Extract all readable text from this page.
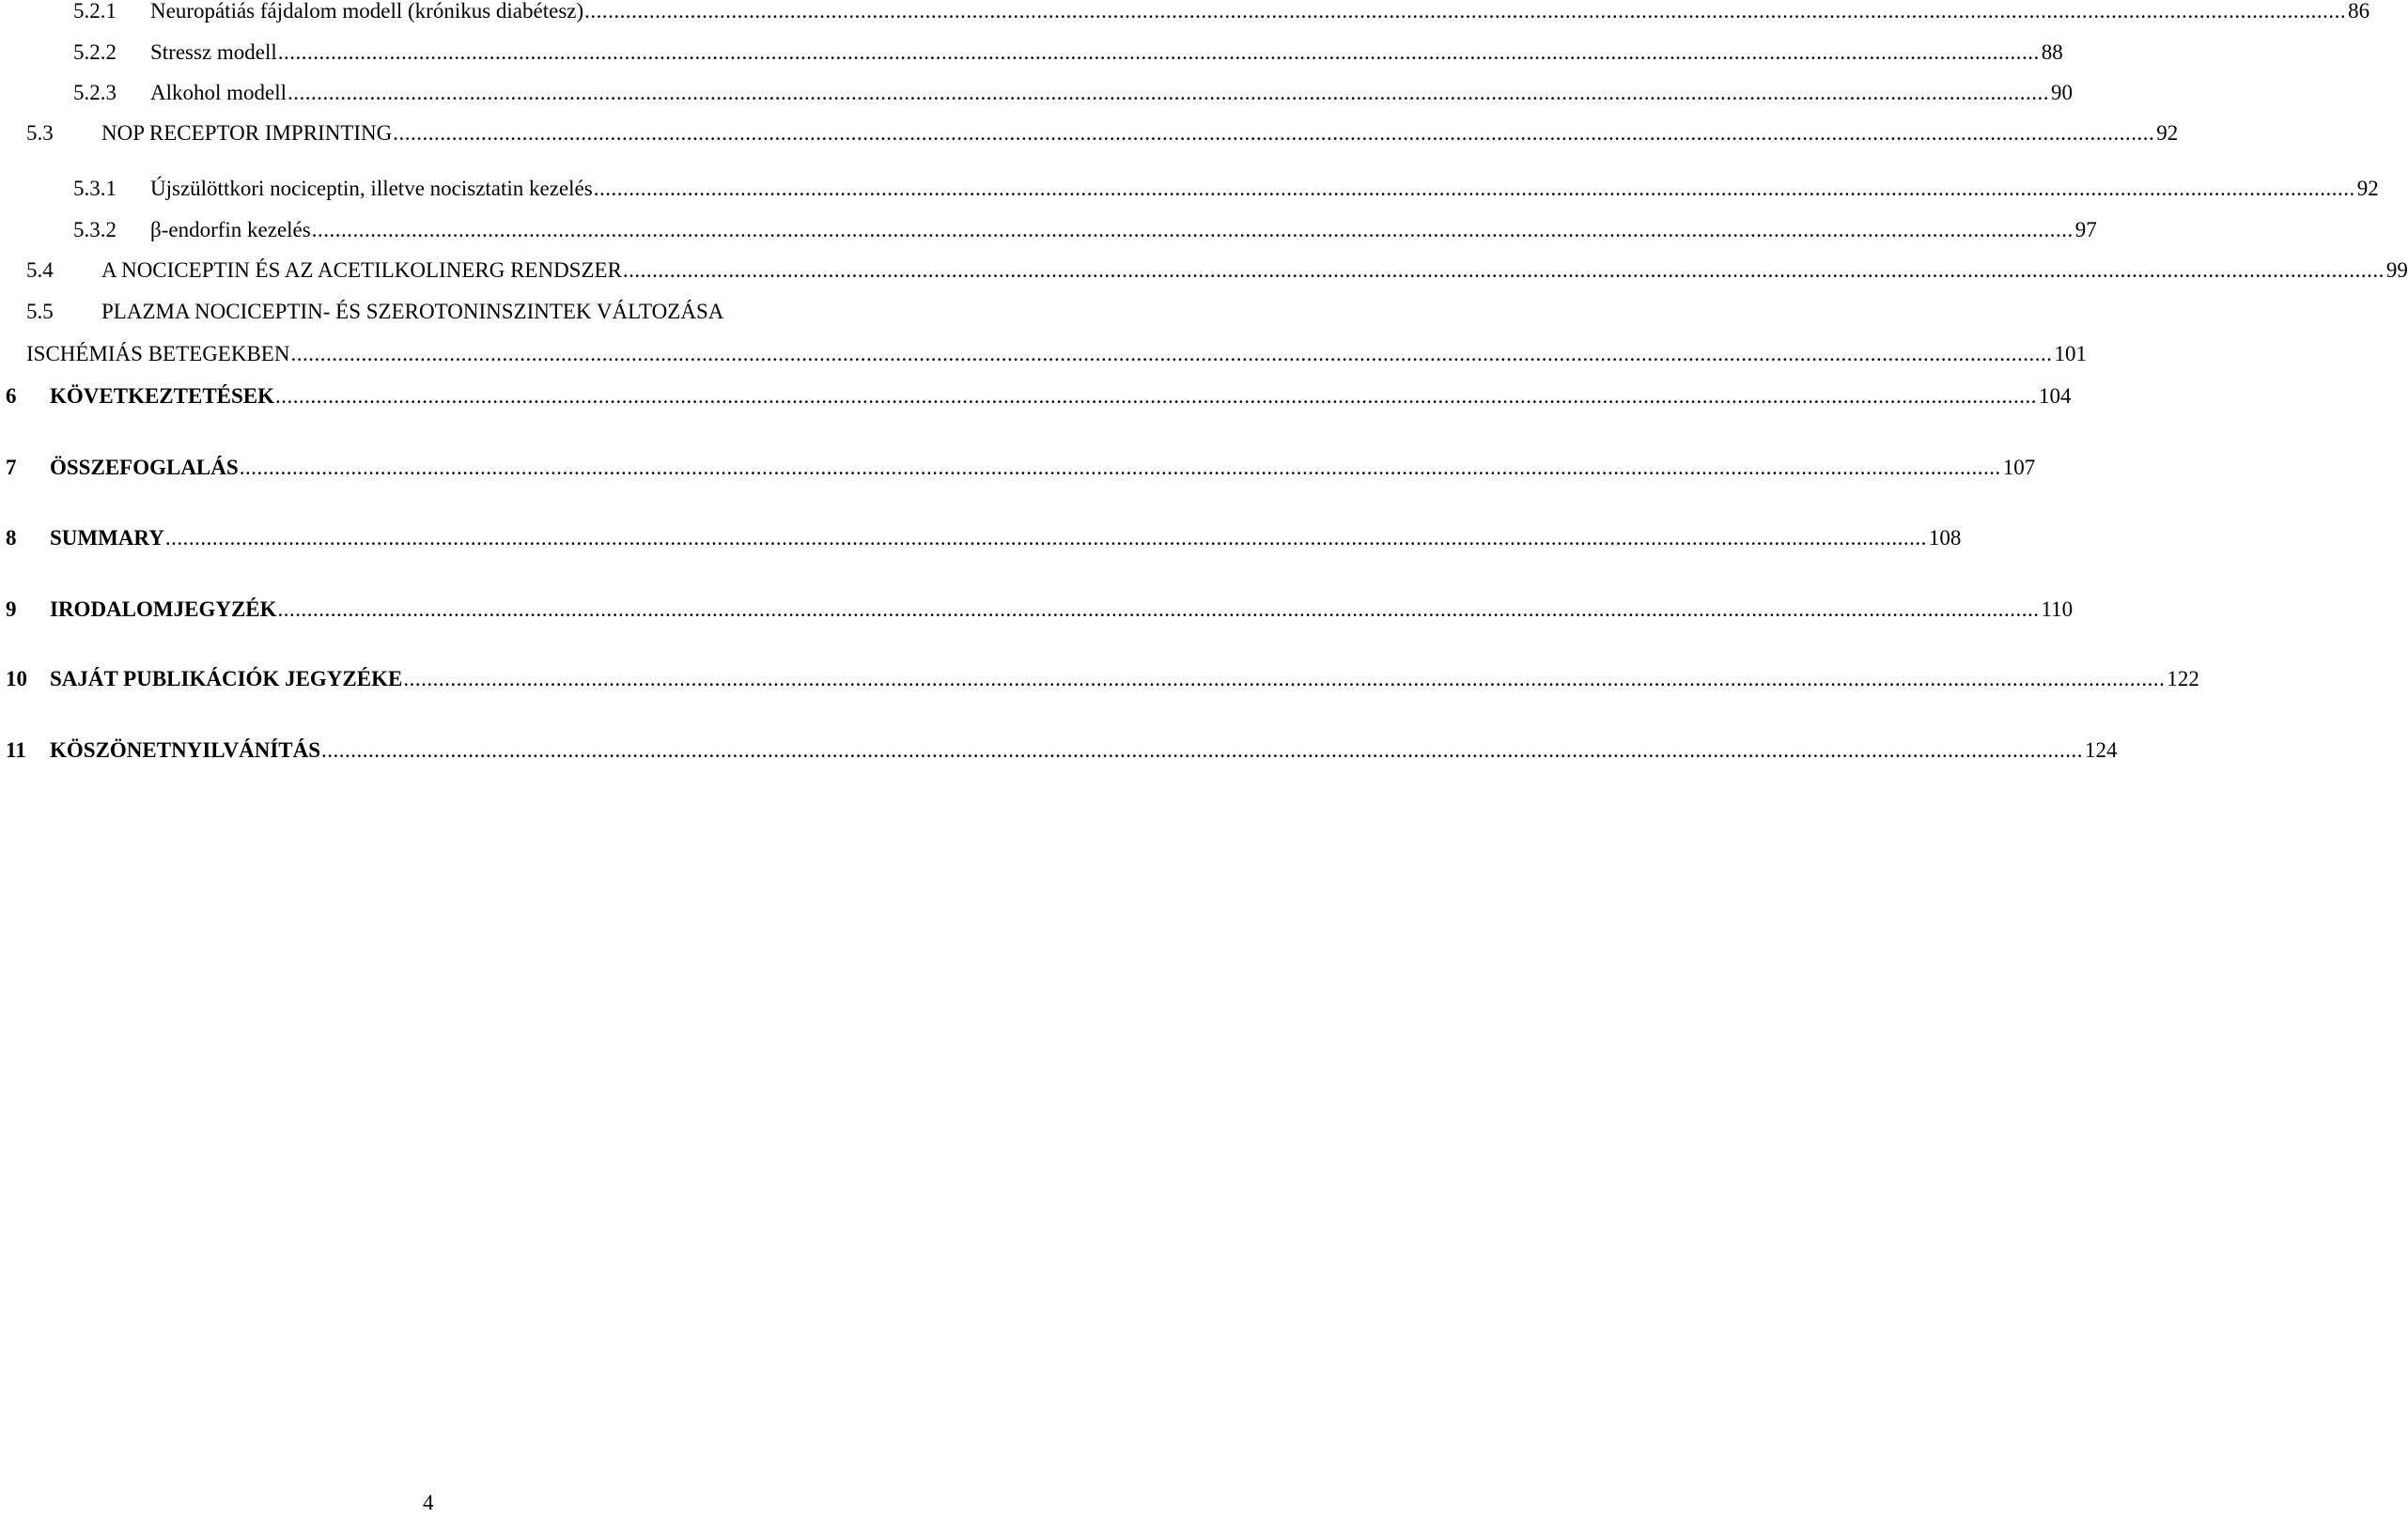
5.2.1 Neuropátiás fájdalom modell (krónikus diabétesz) ............................................................................................................................................................................................................................................................................................................ 86
5.2.2 Stressz modell ............................................................................................................................................................................................................................................................................................................ 88
5.2.3 Alkohol modell ............................................................................................................................................................................................................................................................................................................ 90
5.3 NOP RECEPTOR IMPRINTING ............................................................................................................................................................................................................................................................................................................ 92
5.3.1 Újszülöttkori nociceptin, illetve nocisztatin kezelés ............................................................................................................................................................................................................................................................................................................ 92
5.3.2 β-endorfin kezelés ............................................................................................................................................................................................................................................................................................................ 97
5.4 A NOCICEPTIN ÉS AZ ACETILKOLINERG RENDSZER ............................................................................................................................................................................................................................................................................................................ 99
5.5 PLAZMA NOCICEPTIN- ÉS SZEROTONINSZINTEK VÁLTOZÁSA
ISCHÉMIÁS BETEGEKBEN ............................................................................................................................................................................................................................................................................................................ 101
6 KÖVETKEZTETÉSEK ............................................................................................................................................................................................................................................................................................................ 104
7 ÖSSZEFOGLALÁS ............................................................................................................................................................................................................................................................................................................ 107
8 SUMMARY ............................................................................................................................................................................................................................................................................................................ 108
9 IRODALOMJEGYZÉK ............................................................................................................................................................................................................................................................................................................ 110
10 SAJÁT PUBLIKÁCIÓK JEGYZÉKE ............................................................................................................................................................................................................................................................................................................ 122
11 KÖSZÖNETNYILVÁNÍTÁS ............................................................................................................................................................................................................................................................................................................ 124
4
